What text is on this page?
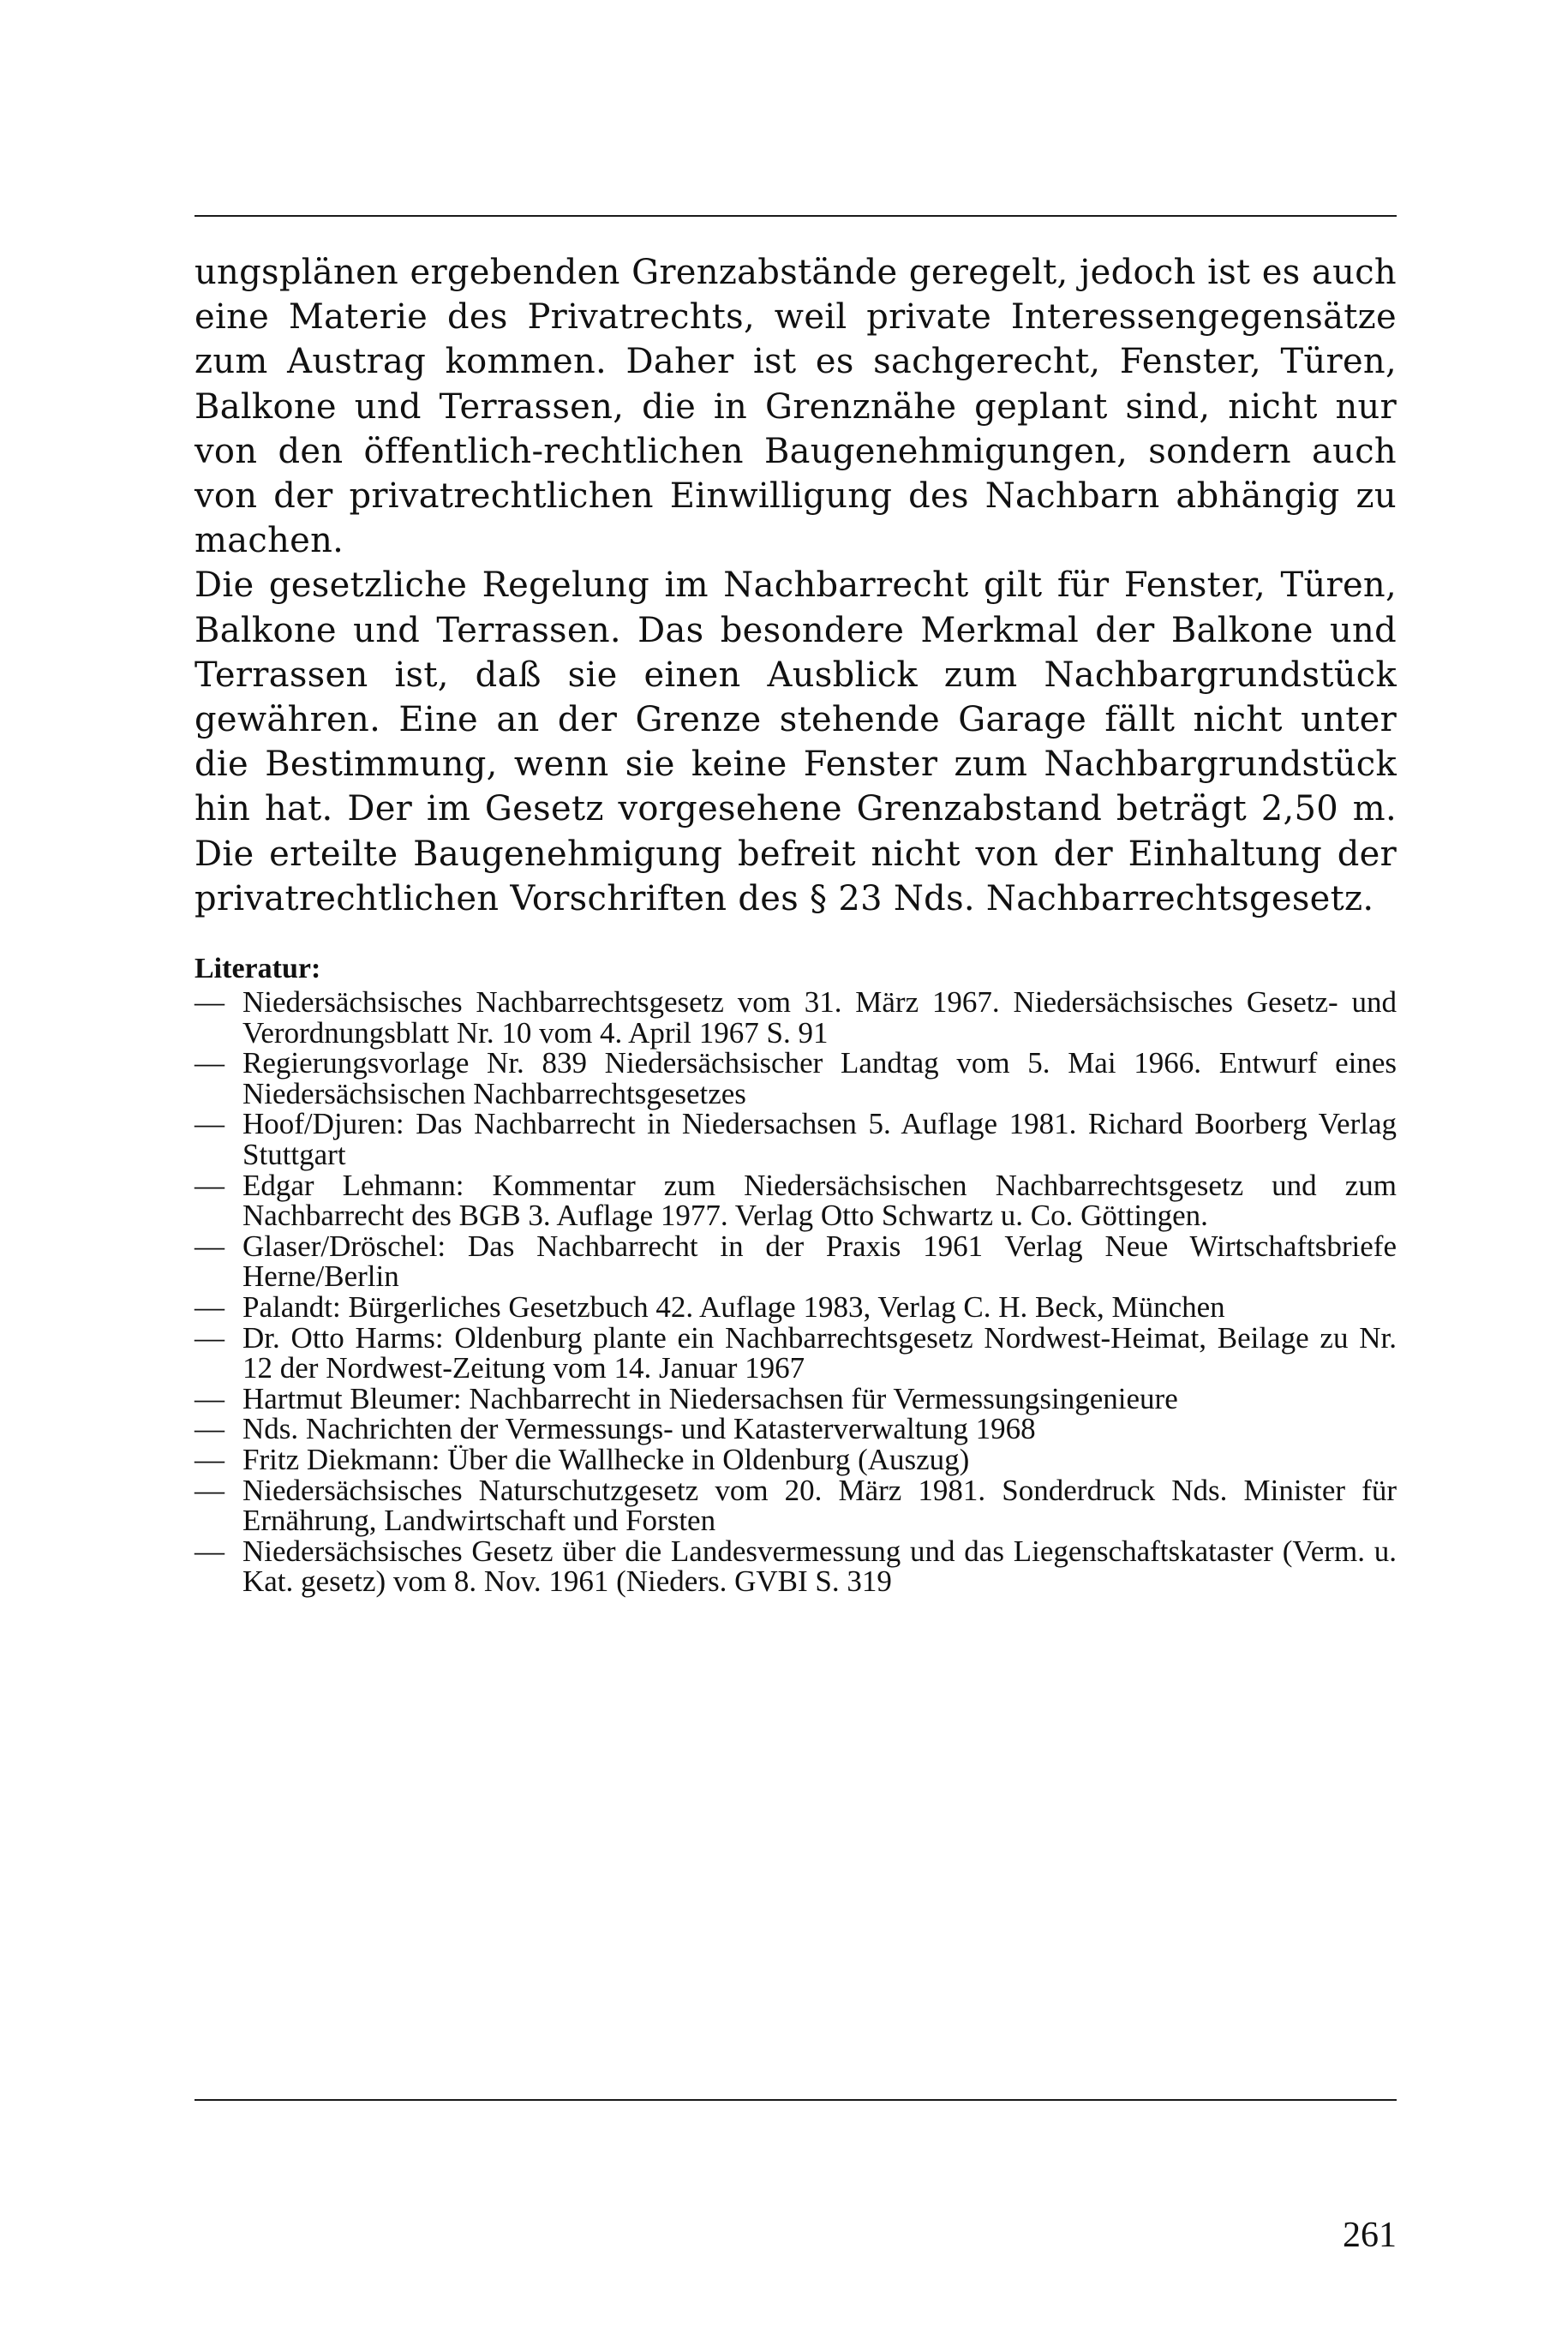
ungsplänen ergebenden Grenzabstände geregelt, jedoch ist es auch eine Materie des Privatrechts, weil private Interessengegensätze zum Austrag kommen. Daher ist es sachgerecht, Fenster, Türen, Balkone und Terrassen, die in Grenznähe geplant sind, nicht nur von den öffentlich-rechtlichen Baugenehmigungen, sondern auch von der privatrechtlichen Einwilligung des Nachbarn abhängig zu machen.

Die gesetzliche Regelung im Nachbarrecht gilt für Fenster, Türen, Balkone und Terrassen. Das besondere Merkmal der Balkone und Terrassen ist, daß sie einen Ausblick zum Nachbargrundstück gewähren. Eine an der Grenze stehende Garage fällt nicht unter die Bestimmung, wenn sie keine Fenster zum Nachbargrundstück hin hat. Der im Gesetz vorgesehene Grenzabstand beträgt 2,50 m. Die erteilte Baugenehmigung befreit nicht von der Einhaltung der privatrechtlichen Vorschriften des § 23 Nds. Nachbarrechtsgesetz.

Literatur:
— Niedersächsisches Nachbarrechtsgesetz vom 31. März 1967. Niedersächsisches Gesetz- und Verordnungsblatt Nr. 10 vom 4. April 1967 S. 91
— Regierungsvorlage Nr. 839 Niedersächsischer Landtag vom 5. Mai 1966. Entwurf eines Niedersächsischen Nachbarrechtsgesetzes
— Hoof/Djuren: Das Nachbarrecht in Niedersachsen 5. Auflage 1981. Richard Boorberg Verlag Stuttgart
— Edgar Lehmann: Kommentar zum Niedersächsischen Nachbarrechtsgesetz und zum Nachbarrecht des BGB 3. Auflage 1977. Verlag Otto Schwartz u. Co. Göttingen.
— Glaser/Dröschel: Das Nachbarrecht in der Praxis 1961 Verlag Neue Wirtschaftsbriefe Herne/Berlin
— Palandt: Bürgerliches Gesetzbuch 42. Auflage 1983, Verlag C. H. Beck, München
— Dr. Otto Harms: Oldenburg plante ein Nachbarrechtsgesetz Nordwest-Heimat, Beilage zu Nr. 12 der Nordwest-Zeitung vom 14. Januar 1967
— Hartmut Bleumer: Nachbarrecht in Niedersachsen für Vermessungsingenieure
— Nds. Nachrichten der Vermessungs- und Katasterverwaltung 1968
— Fritz Diekmann: Über die Wallhecke in Oldenburg (Auszug)
— Niedersächsisches Naturschutzgesetz vom 20. März 1981. Sonderdruck Nds. Minister für Ernährung, Landwirtschaft und Forsten
— Niedersächsisches Gesetz über die Landesvermessung und das Liegenschaftskataster (Verm. u. Kat. gesetz) vom 8. Nov. 1961 (Nieders. GVBI S. 319
261
